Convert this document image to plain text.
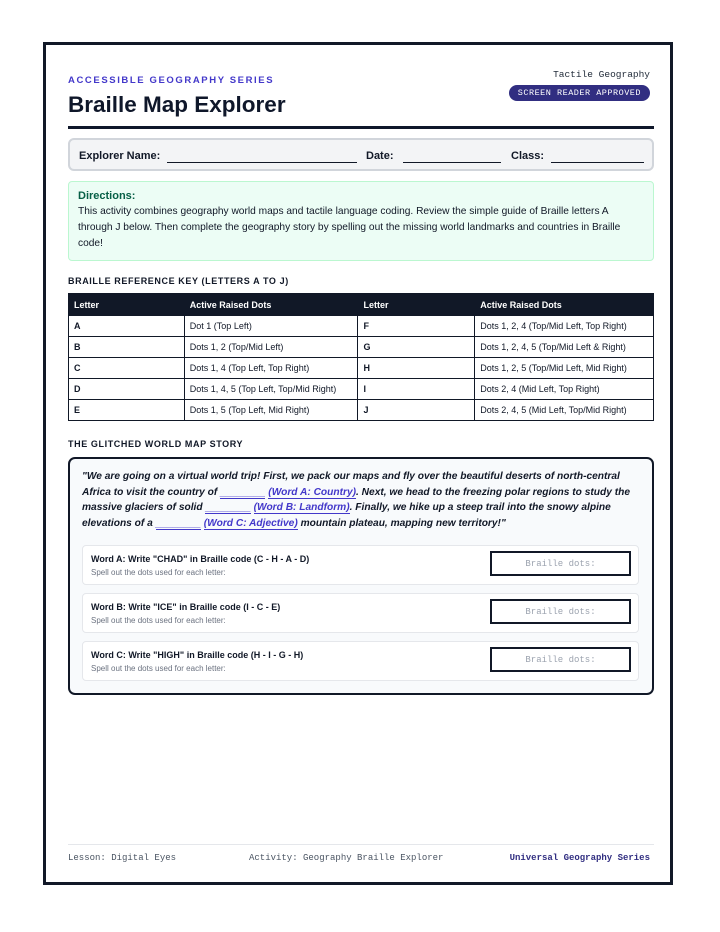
ACCESSIBLE GEOGRAPHY SERIES
Braille Map Explorer
Tactile Geography
SCREEN READER APPROVED
Explorer Name:	Date:	Class:
Directions:
This activity combines geography world maps and tactile language coding. Review the simple guide of Braille letters A through J below. Then complete the geography story by spelling out the missing world landmarks and countries in Braille code!
BRAILLE REFERENCE KEY (LETTERS A TO J)
Letter	Active Raised Dots	Letter	Active Raised Dots
A	Dot 1 (Top Left)	F	Dots 1, 2, 4 (Top/Mid Left, Top Right)
B	Dots 1, 2 (Top/Mid Left)	G	Dots 1, 2, 4, 5 (Top/Mid Left & Right)
C	Dots 1, 4 (Top Left, Top Right)	H	Dots 1, 2, 5 (Top/Mid Left, Mid Right)
D	Dots 1, 4, 5 (Top Left, Top/Mid Right)	I	Dots 2, 4 (Mid Left, Top Right)
E	Dots 1, 5 (Top Left, Mid Right)	J	Dots 2, 4, 5 (Mid Left, Top/Mid Right)
THE GLITCHED WORLD MAP STORY
"We are going on a virtual world trip! First, we pack our maps and fly over the beautiful deserts of north-central Africa to visit the country of ________ (Word A: Country). Next, we head to the freezing polar regions to study the massive glaciers of solid ________ (Word B: Landform). Finally, we hike up a steep trail into the snowy alpine elevations of a ________ (Word C: Adjective) mountain plateau, mapping new territory!"
Word A: Write "CHAD" in Braille code (C - H - A - D)
Spell out the dots used for each letter:
Braille dots:
Word B: Write "ICE" in Braille code (I - C - E)
Spell out the dots used for each letter:
Braille dots:
Word C: Write "HIGH" in Braille code (H - I - G - H)
Spell out the dots used for each letter:
Braille dots:
Lesson: Digital Eyes	Activity: Geography Braille Explorer	Universal Geography Series
